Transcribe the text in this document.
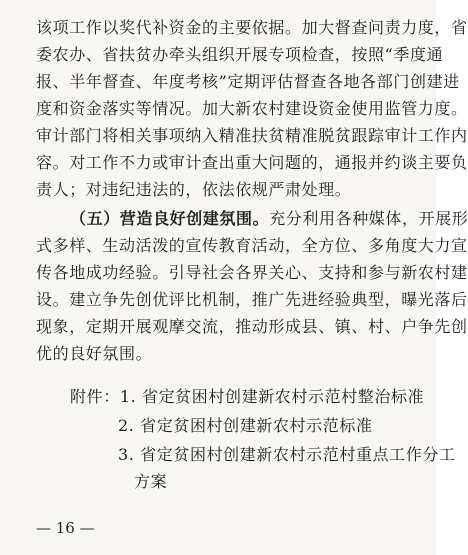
该项工作以奖代补资金的主要依据。加大督查问责力度，省
委农办、省扶贫办牵头组织开展专项检查，按照“季度通
报、半年督查、年度考核”定期评估督查各地各部门创建进
度和资金落实等情况。加大新农村建设资金使用监管力度。
审计部门将相关事项纳入精准扶贫精准脱贫跟踪审计工作内
容。对工作不力或审计查出重大问题的，通报并约谈主要负
责人；对违纪违法的，依法依规严肃处理。
（五）营造良好创建氛围。充分利用各种媒体，开展形
式多样、生动活泼的宣传教育活动，全方位、多角度大力宣
传各地成功经验。引导社会各界关心、支持和参与新农村建
设。建立争先创优评比机制，推广先进经验典型，曝光落后
现象，定期开展观摩交流，推动形成县、镇、村、户争先创
优的良好氛围。
附件：1. 省定贫困村创建新农村示范村整治标准
2. 省定贫困村创建新农村示范标准
3. 省定贫困村创建新农村示范村重点工作分工
方案
— 16 —
